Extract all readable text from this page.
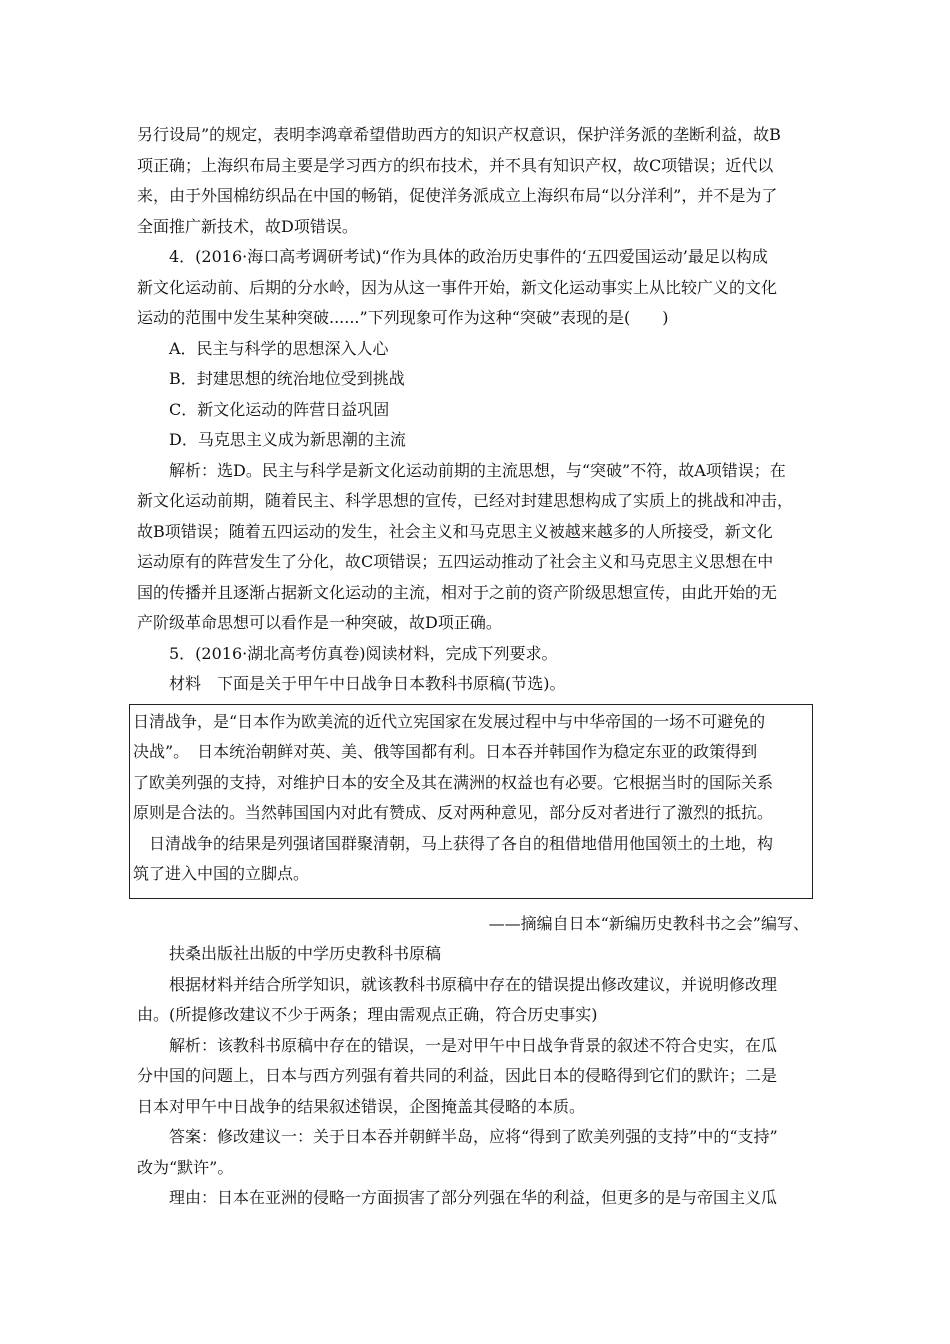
另行设局”的规定，表明李鸿章希望借助西方的知识产权意识，保护洋务派的垄断利益，故B
项正确；上海织布局主要是学习西方的织布技术，并不具有知识产权，故C项错误；近代以
来，由于外国棉纺织品在中国的畅销，促使洋务派成立上海织布局“以分洋利”，并不是为了
全面推广新技术，故D项错误。

4．(2016·海口高考调研考试)“作为具体的政治历史事件的‘五四爱国运动’最足以构成
新文化运动前、后期的分水岭，因为从这一事件开始，新文化运动事实上从比较广义的文化
运动的范围中发生某种突破......”下列现象可作为这种“突破”表现的是(　　)

A．民主与科学的思想深入人心
B．封建思想的统治地位受到挑战
C．新文化运动的阵营日益巩固
D．马克思主义成为新思潮的主流

解析：选D。民主与科学是新文化运动前期的主流思想，与“突破”不符，故A项错误；在
新文化运动前期，随着民主、科学思想的宣传，已经对封建思想构成了实质上的挑战和冲击，
故B项错误；随着五四运动的发生，社会主义和马克思主义被越来越多的人所接受，新文化
运动原有的阵营发生了分化，故C项错误；五四运动推动了社会主义和马克思主义思想在中
国的传播并且逐渐占据新文化运动的主流，相对于之前的资产阶级思想宣传，由此开始的无
产阶级革命思想可以看作是一种突破，故D项正确。

5．(2016·湖北高考仿真卷)阅读材料，完成下列要求。
材料　下面是关于甲午中日战争日本教科书原稿(节选)。

日清战争，是“日本作为欧美流的近代立宪国家在发展过程中与中华帝国的一场不可避免的
决战”。　日本统治朝鲜对英、美、俄等国都有利。日本吞并韩国作为稳定东亚的政策得到
了欧美列强的支持，对维护日本的安全及其在满洲的权益也有必要。它根据当时的国际关系
原则是合法的。当然韩国国内对此有赞成、反对两种意见，部分反对者进行了激烈的抵抗。
日清战争的结果是列强诸国群聚清朝，马上获得了各自的租借地借用他国领土的土地，构
筑了进入中国的立脚点。

——摘编自日本“新编历史教科书之会”编写、

扶桑出版社出版的中学历史教科书原稿

根据材料并结合所学知识，就该教科书原稿中存在的错误提出修改建议，并说明修改理
由。(所提修改建议不少于两条；理由需观点正确，符合历史事实)

解析：该教科书原稿中存在的错误，一是对甲午中日战争背景的叙述不符合史实，在瓜
分中国的问题上，日本与西方列强有着共同的利益，因此日本的侵略得到它们的默许；二是
日本对甲午中日战争的结果叙述错误，企图掩盖其侵略的本质。

答案：修改建议一：关于日本吞并朝鲜半岛，应将“得到了欧美列强的支持”中的“支持”
改为“默许”。
理由：日本在亚洲的侵略一方面损害了部分列强在华的利益，但更多的是与帝国主义瓜
